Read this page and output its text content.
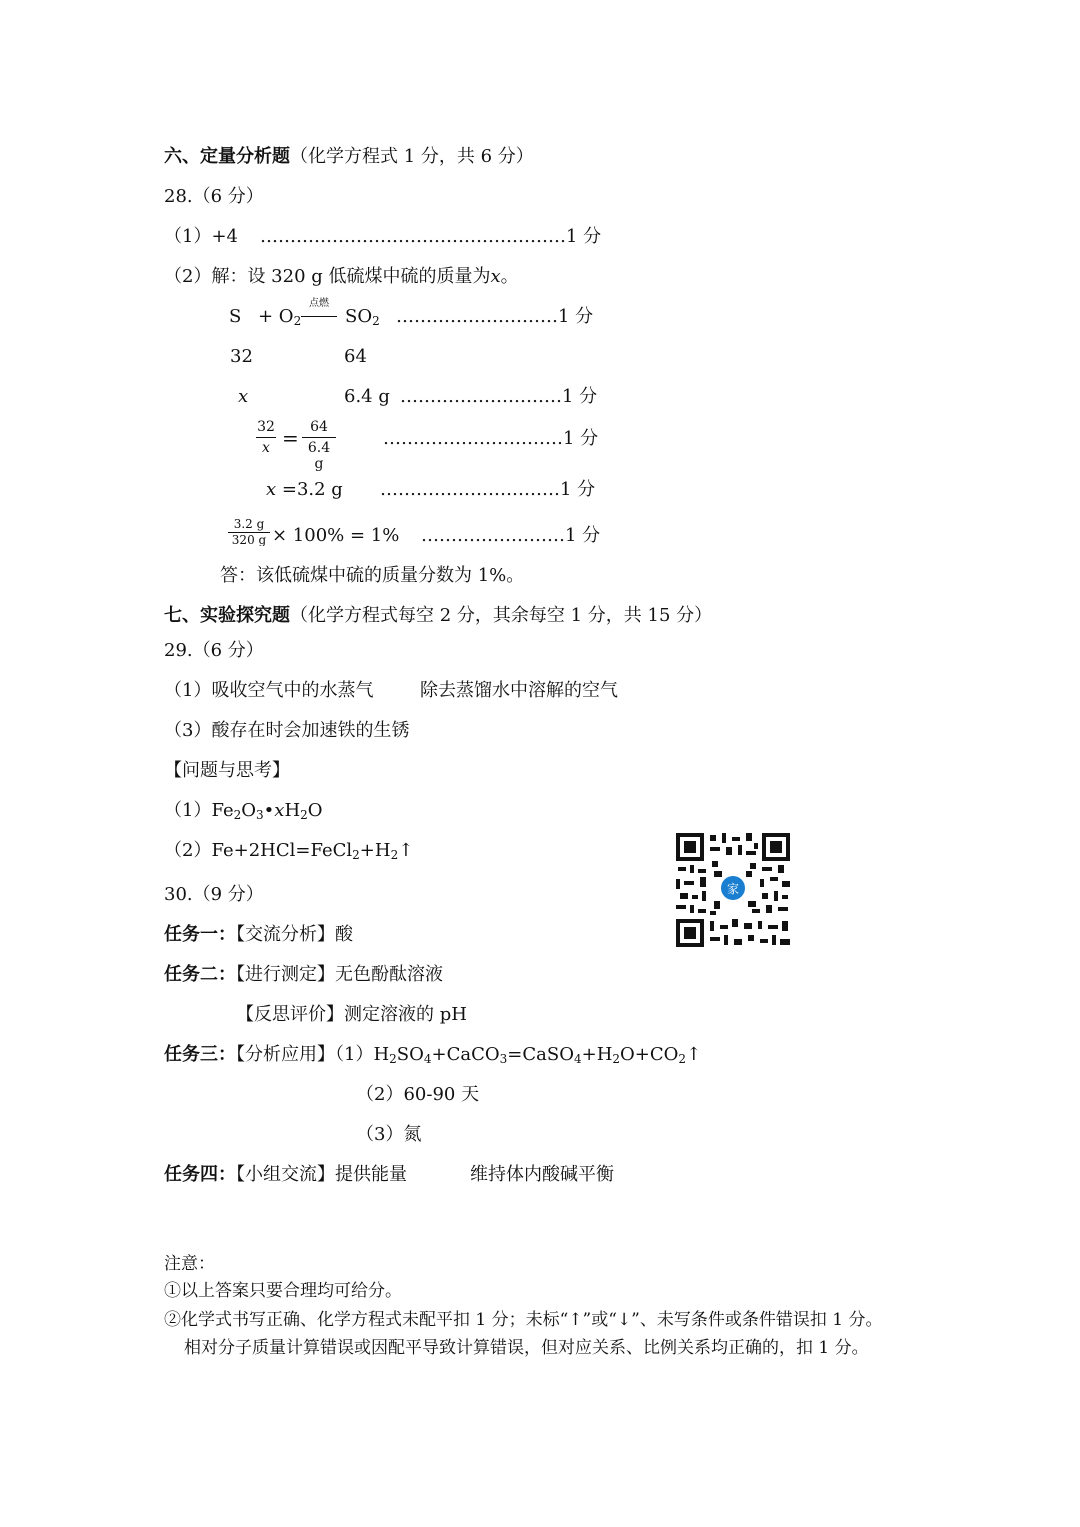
六、定量分析题（化学方程式 1 分，共 6 分）
28.（6 分）
（1）+4 ……………………………………………1 分
（2）解：设 320 g 低硫煤中硫的质量为x。
$S + O_2$
点燃
$SO_2$ ………………………1 分
32	64
x	6.4 g ………………………1 分
32
x = 64
6.4 g
…………………………1 分
x =3.2 g …………………………1 分
3.2 g
320 g × 100% = 1% ……………………1 分
答：该低硫煤中硫的质量分数为 1%。
七、实验探究题（化学方程式每空 2 分，其余每空 1 分，共 15 分）
29.（6 分）
（1）吸收空气中的水蒸气	除去蒸馏水中溶解的空气
（3）酸存在时会加速铁的生锈
【问题与思考】
$(1)Fe_2O_3•xH_2O$
$(2)Fe+2HCl=FeCl_2+H_2↑$
家
30.（9 分）
任务一：【交流分析】酸
任务二：【进行测定】无色酚酞溶液
【反思评价】测定溶液的 pH
任务三：【分析应用】$(1)H_2SO_4+CaCO_3=CaSO_4+H_2O+CO_2↑$
（2）60-90 天
（3）氮
任务四：【小组交流】提供能量	维持体内酸碱平衡
注意：
①以上答案只要合理均可给分。
②化学式书写正确、化学方程式未配平扣 1 分；未标“↑”或“↓”、未写条件或条件错误扣 1 分。
相对分子质量计算错误或因配平导致计算错误，但对应关系、比例关系均正确的，扣 1 分。
